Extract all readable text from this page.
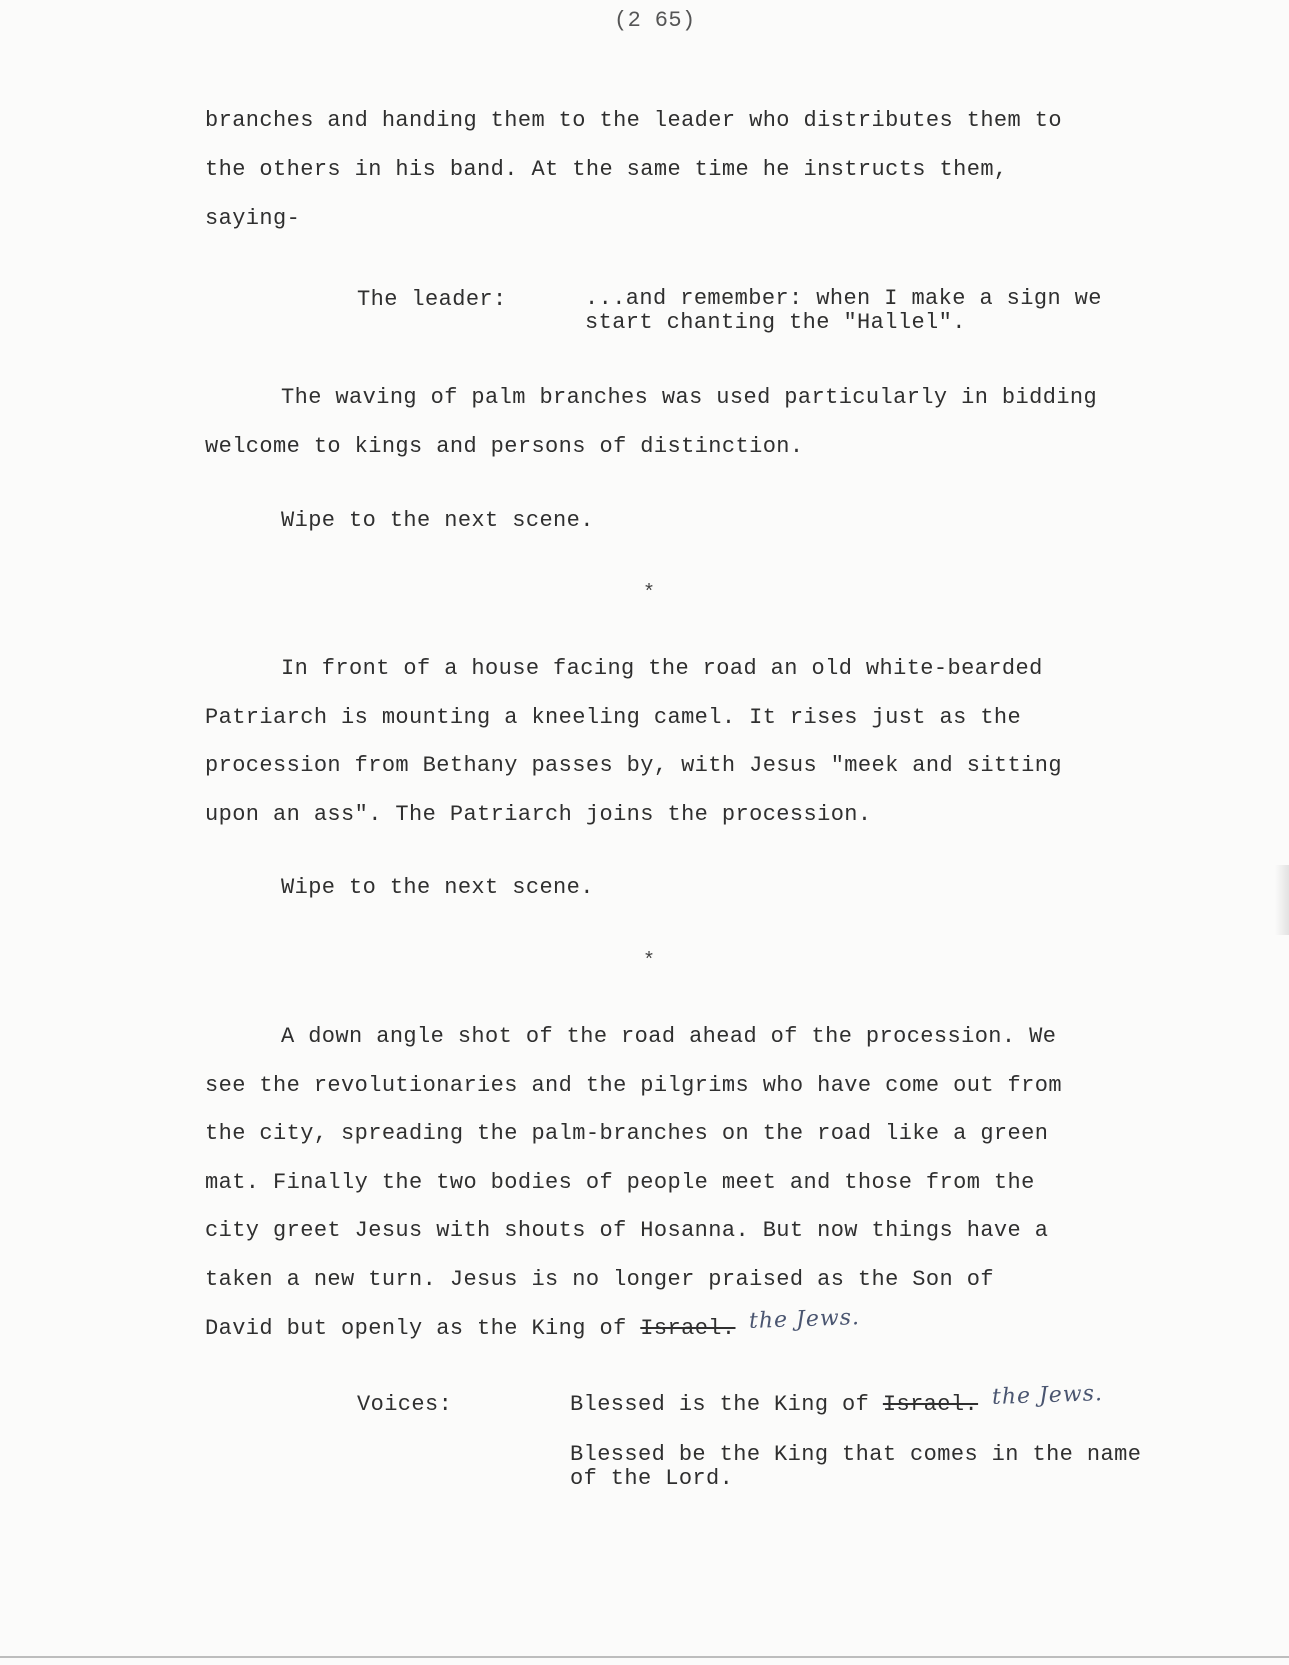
(2 65)
branches and handing them to the leader who distributes them to
the others in his band. At the same time he instructs them,
saying-
The leader:	...and remember: when I make a sign we
start chanting the "Hallel".
The waving of palm branches was used particularly in bidding
welcome to kings and persons of distinction.
Wipe to the next scene.
*
In front of a house facing the road an old white-bearded
Patriarch is mounting a kneeling camel. It rises just as the
procession from Bethany passes by, with Jesus "meek and sitting
upon an ass". The Patriarch joins the procession.
Wipe to the next scene.
*
A down angle shot of the road ahead of the procession. We
see the revolutionaries and the pilgrims who have come out from
the city, spreading the palm-branches on the road like a green
mat. Finally the two bodies of people meet and those from the
city greet Jesus with shouts of Hosanna. But now things have a
taken a new turn. Jesus is no longer praised as the Son of
David but openly as the King of Israel. the Jews.
Voices:	Blessed is the King of Israel. the Jews.
Blessed be the King that comes in the name
of the Lord.
